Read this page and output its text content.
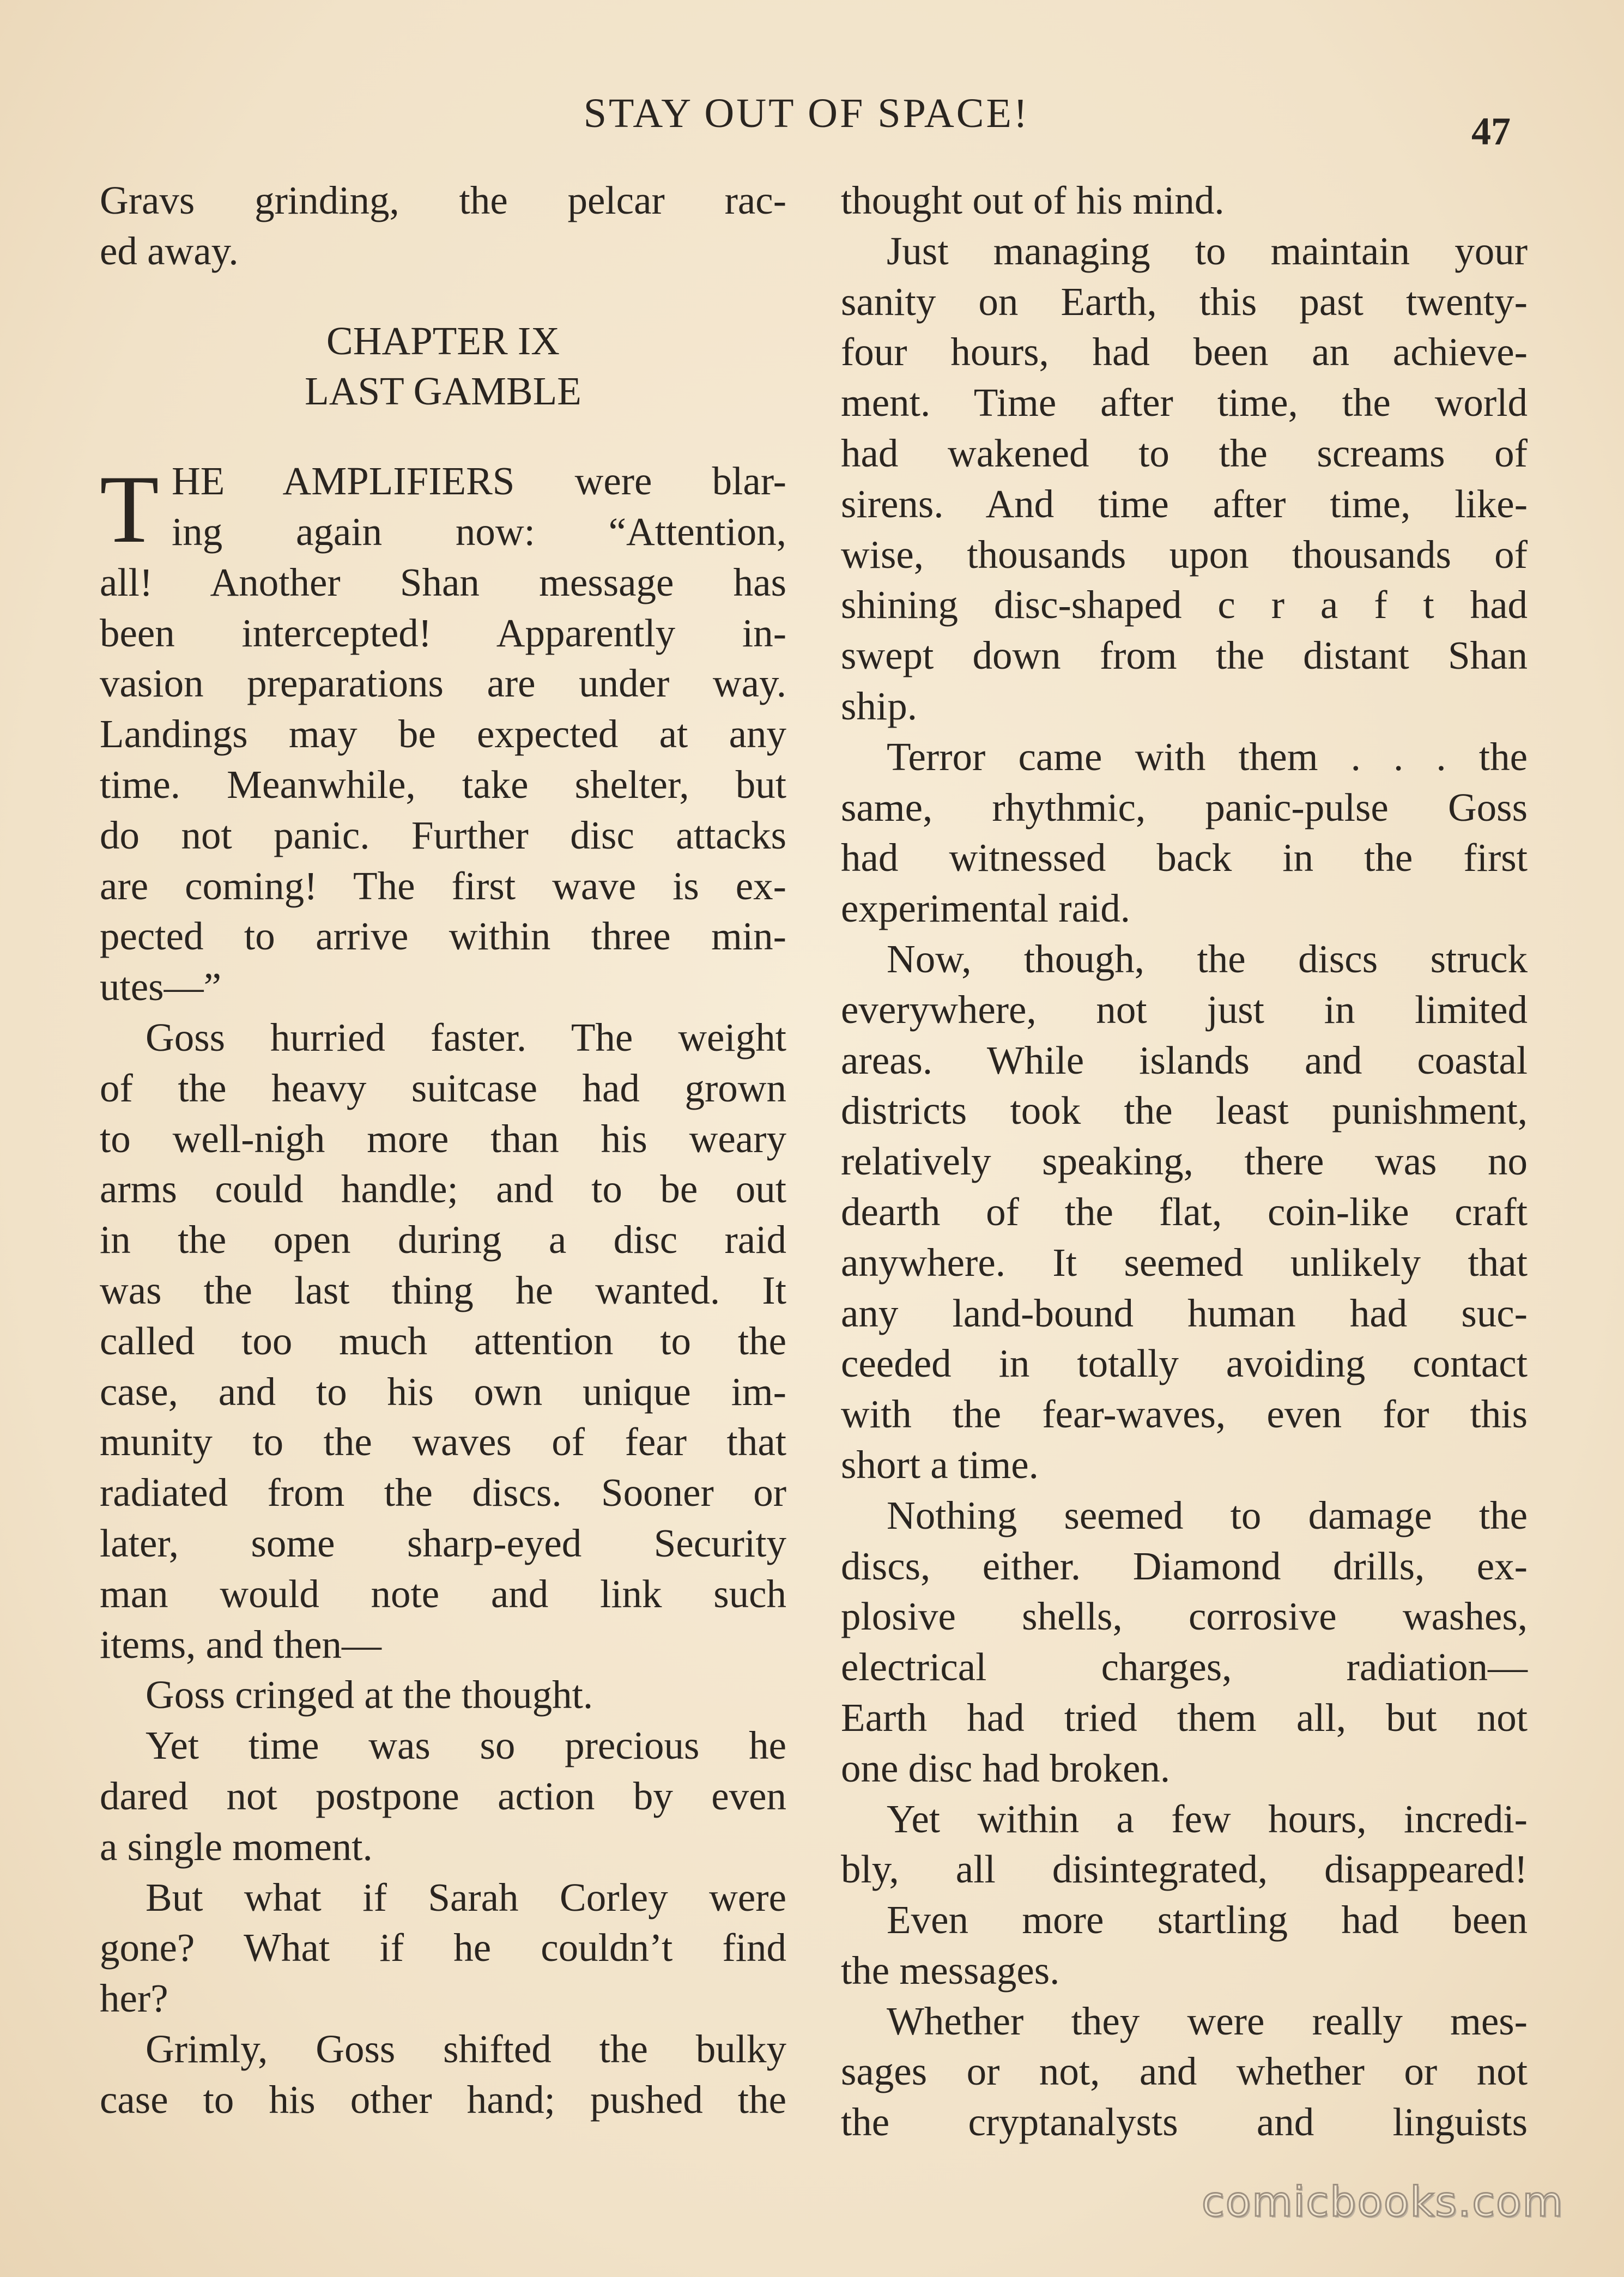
STAY OUT OF SPACE!	47
Gravs grinding, the pelcar rac-
ed away.
CHAPTER IX
LAST GAMBLE
T HE AMPLIFIERS were blar-
ing again now: “Attention,
all! Another Shan message has
been intercepted! Apparently in-
vasion preparations are under way.
Landings may be expected at any
time. Meanwhile, take shelter, but
do not panic. Further disc attacks
are coming! The first wave is ex-
pected to arrive within three min-
utes—”
Goss hurried faster. The weight
of the heavy suitcase had grown
to well-nigh more than his weary
arms could handle; and to be out
in the open during a disc raid
was the last thing he wanted. It
called too much attention to the
case, and to his own unique im-
munity to the waves of fear that
radiated from the discs. Sooner or
later, some sharp-eyed Security
man would note and link such
items, and then—
Goss cringed at the thought.
Yet time was so precious he
dared not postpone action by even
a single moment.
But what if Sarah Corley were
gone? What if he couldn’t find
her?
Grimly, Goss shifted the bulky
case to his other hand; pushed the
thought out of his mind.
Just managing to maintain your
sanity on Earth, this past twenty-
four hours, had been an achieve-
ment. Time after time, the world
had wakened to the screams of
sirens. And time after time, like-
wise, thousands upon thousands of
shining disc-shaped c r a f t had
swept down from the distant Shan
ship.
Terror came with them . . . the
same, rhythmic, panic-pulse Goss
had witnessed back in the first
experimental raid.
Now, though, the discs struck
everywhere, not just in limited
areas. While islands and coastal
districts took the least punishment,
relatively speaking, there was no
dearth of the flat, coin-like craft
anywhere. It seemed unlikely that
any land-bound human had suc-
ceeded in totally avoiding contact
with the fear-waves, even for this
short a time.
Nothing seemed to damage the
discs, either. Diamond drills, ex-
plosive shells, corrosive washes,
electrical charges, radiation—
Earth had tried them all, but not
one disc had broken.
Yet within a few hours, incredi-
bly, all disintegrated, disappeared!
Even more startling had been
the messages.
Whether they were really mes-
sages or not, and whether or not
the cryptanalysts and linguists
comicbooks.com
